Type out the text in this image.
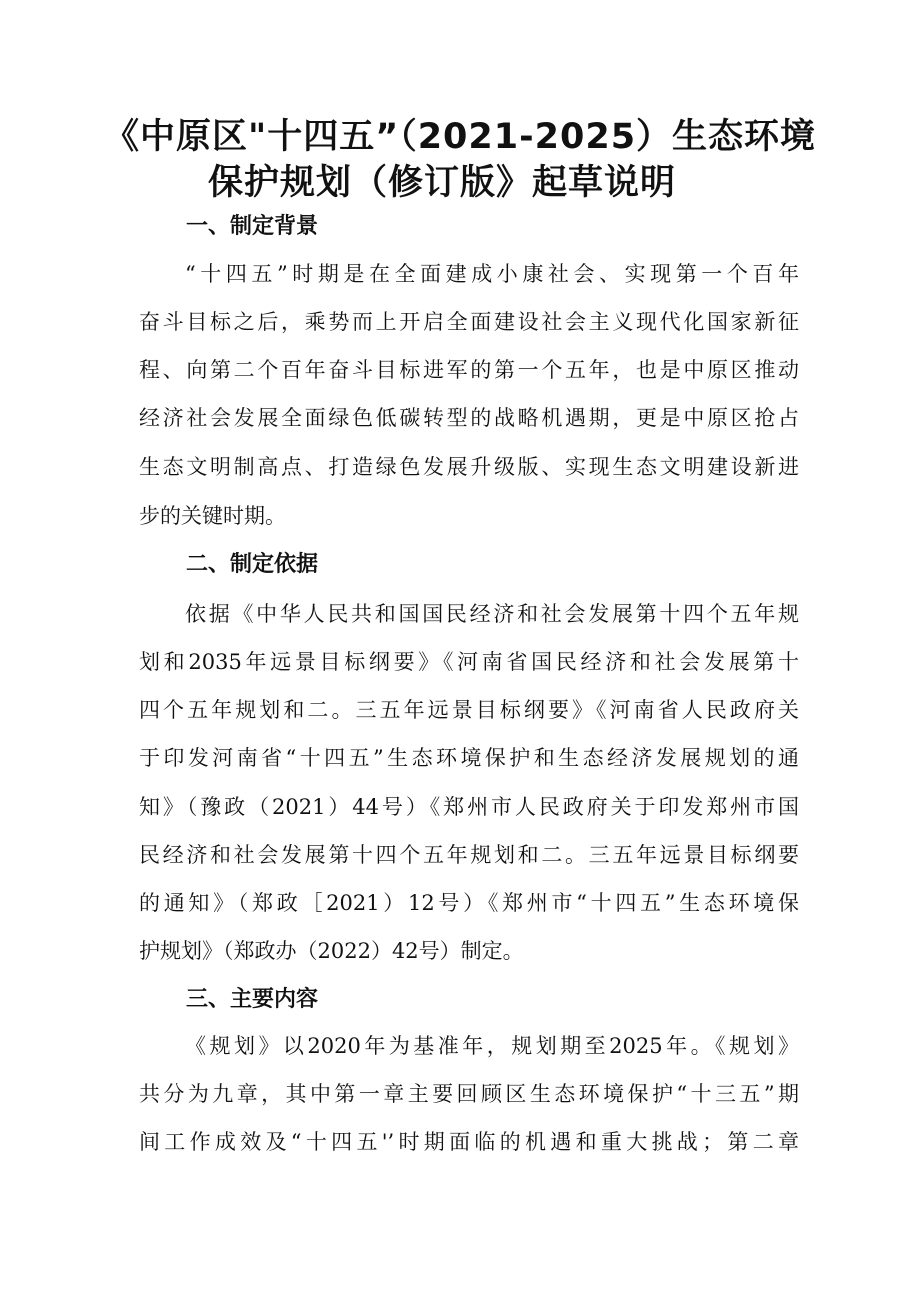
《中原区"十四五”（2021-2025）生态环境
保护规划（修订版》起草说明
一、制定背景

“十四五”时期是在全面建成小康社会、实现第一个百年

奋斗目标之后，乘势而上开启全面建设社会主义现代化国家新征

程、向第二个百年奋斗目标进军的第一个五年，也是中原区推动

经济社会发展全面绿色低碳转型的战略机遇期，更是中原区抢占

生态文明制高点、打造绿色发展升级版、实现生态文明建设新进

步的关键时期。

二、制定依据

依据《中华人民共和国国民经济和社会发展第十四个五年规

划和2035年远景目标纲要》《河南省国民经济和社会发展第十

四个五年规划和二。三五年远景目标纲要》《河南省人民政府关

于印发河南省“十四五”生态环境保护和生态经济发展规划的通

知》（豫政（2021）44号）《郑州市人民政府关于印发郑州市国

民经济和社会发展第十四个五年规划和二。三五年远景目标纲要

的通知》（郑政［2021）12号）《郑州市“十四五”生态环境保

护规划》（郑政办（2022）42号）制定。

三、主要内容

《规划》以2020年为基准年，规划期至2025年。《规划》

共分为九章，其中第一章主要回顾区生态环境保护“十三五”期

间工作成效及“十四五'’时期面临的机遇和重大挑战；第二章
